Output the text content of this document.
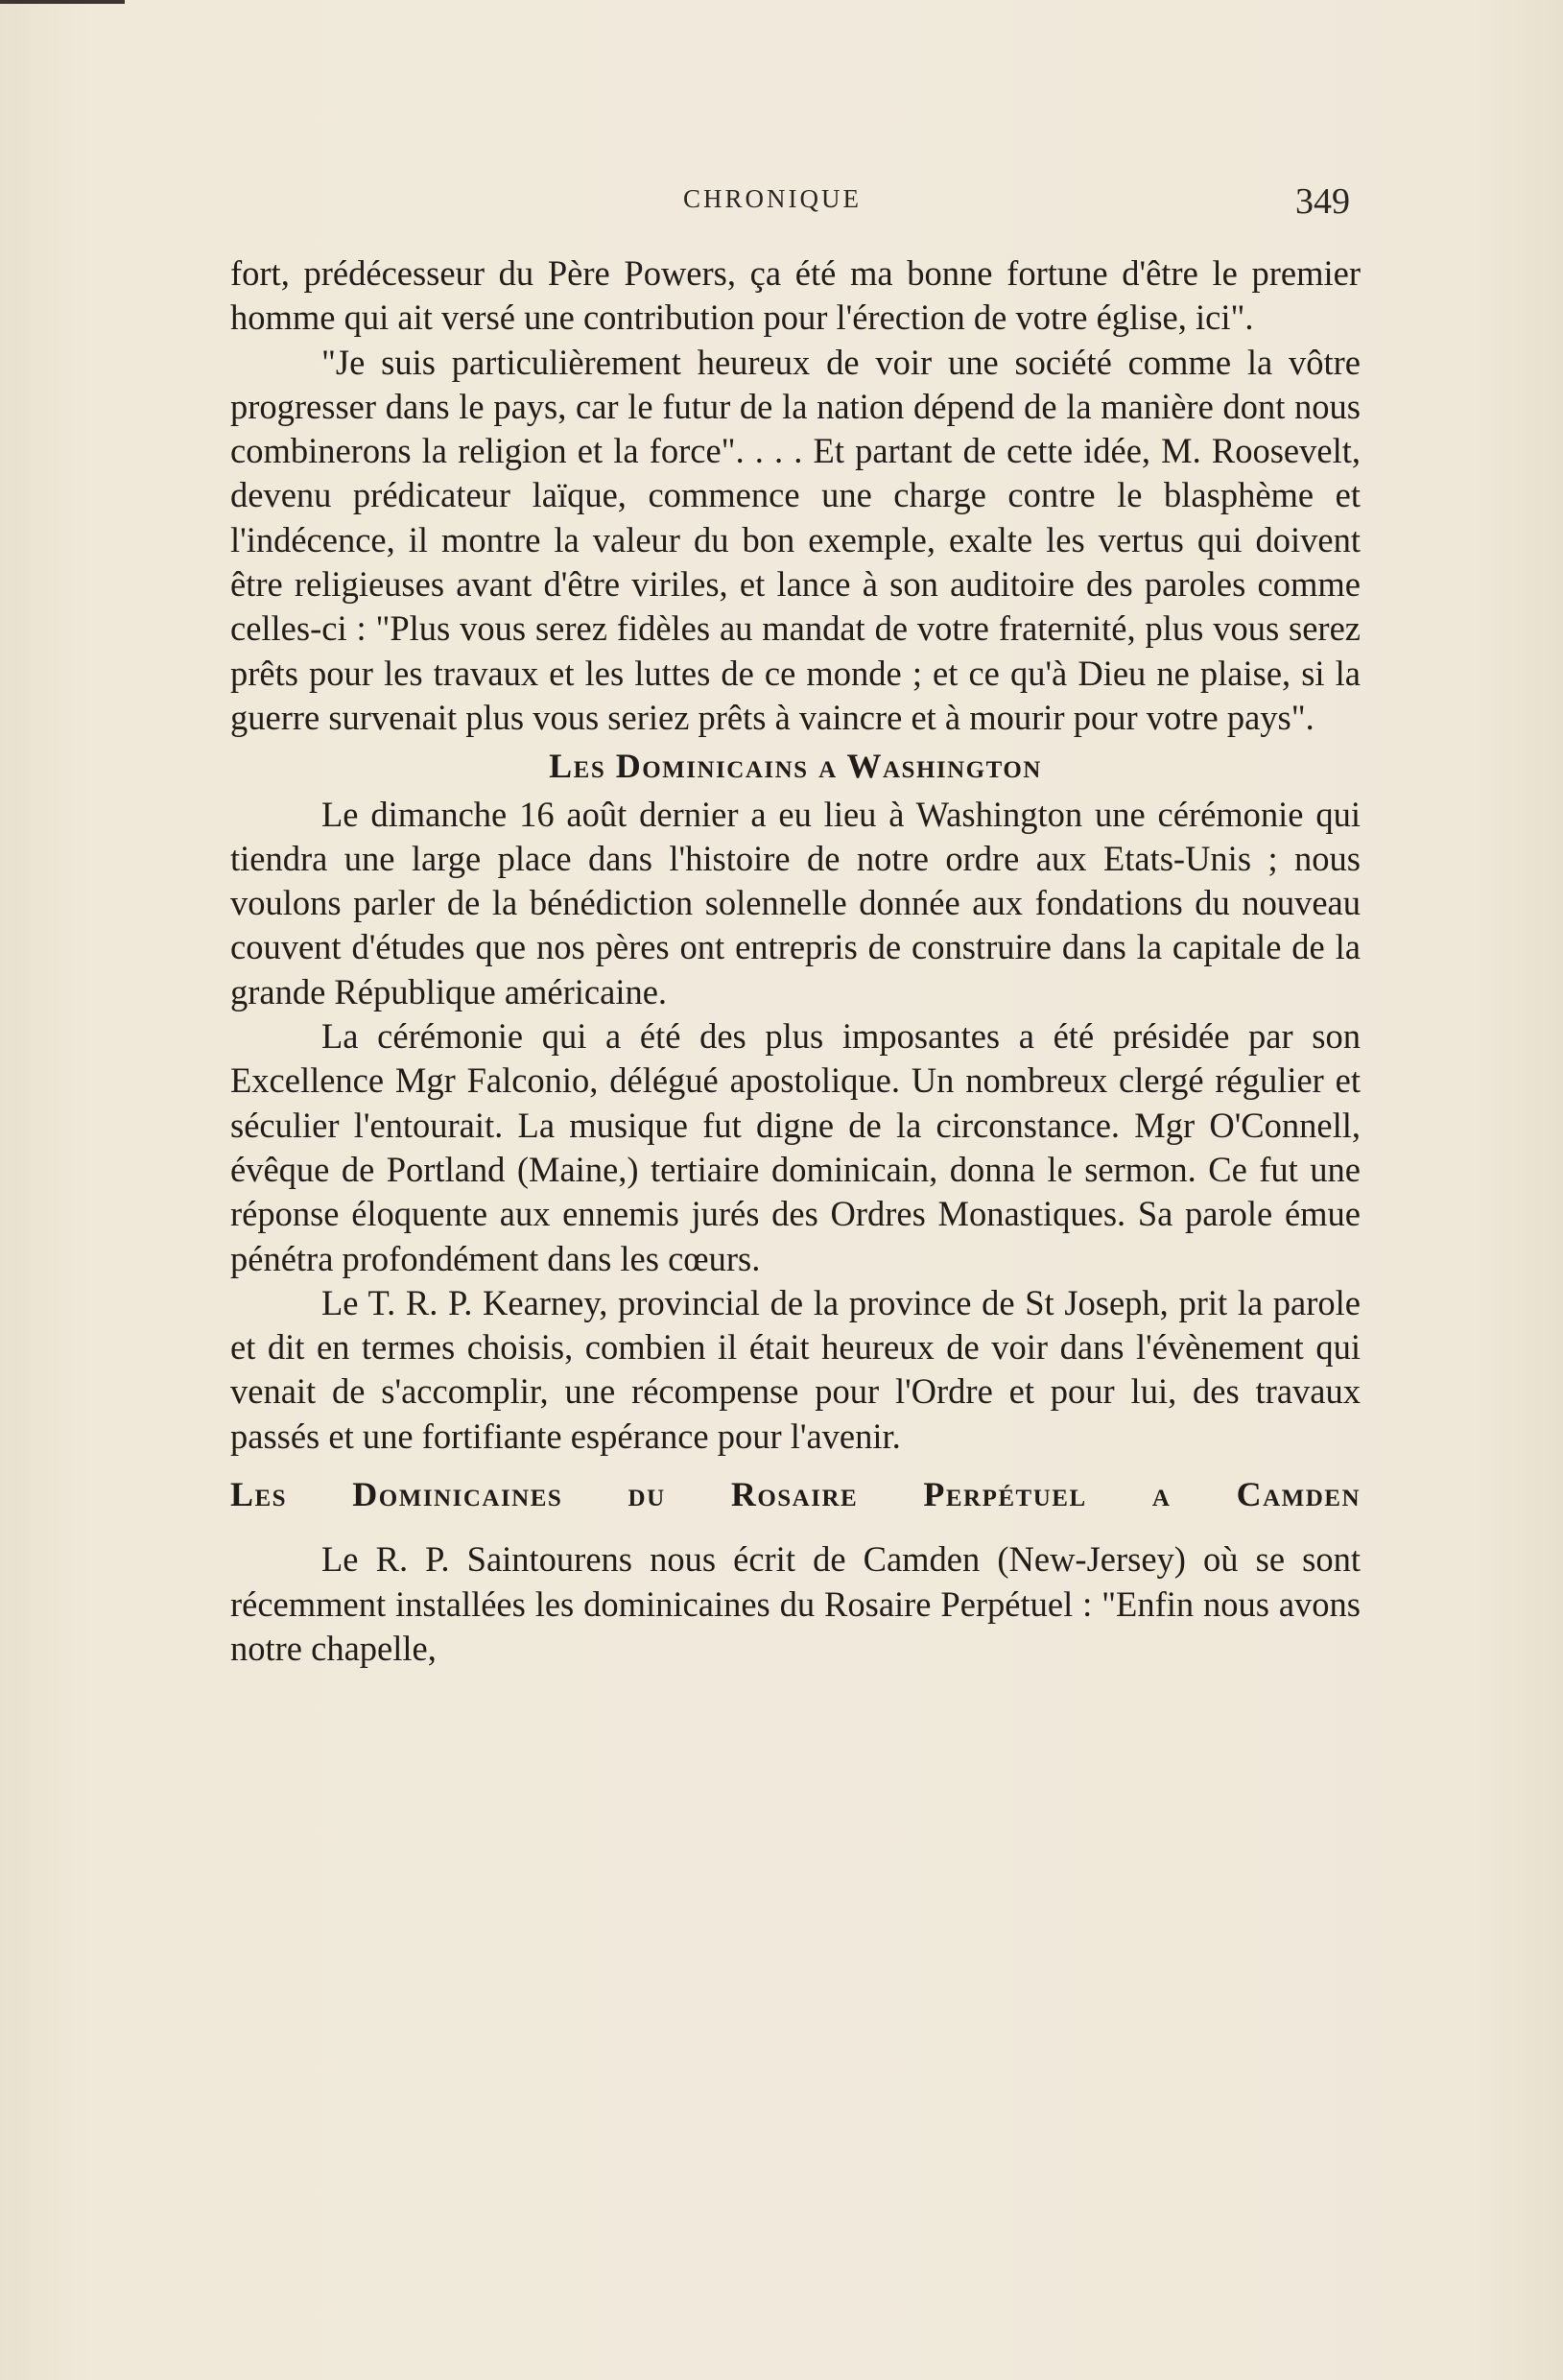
CHRONIQUE	349

fort, prédécesseur du Père Powers, ça été ma bonne fortune d'être le premier homme qui ait versé une contribution pour l'érection de votre église, ici".

"Je suis particulièrement heureux de voir une société comme la vôtre progresser dans le pays, car le futur de la nation dépend de la manière dont nous combinerons la religion et la force". . . . Et partant de cette idée, M. Roosevelt, devenu prédicateur laïque, commence une charge contre le blasphème et l'indécence, il montre la valeur du bon exemple, exalte les vertus qui doivent être religieuses avant d'être viriles, et lance à son auditoire des paroles comme celles-ci : "Plus vous serez fidèles au mandat de votre fraternité, plus vous serez prêts pour les travaux et les luttes de ce monde ; et ce qu'à Dieu ne plaise, si la guerre survenait plus vous seriez prêts à vaincre et à mourir pour votre pays".

Les Dominicains a Washington

Le dimanche 16 août dernier a eu lieu à Washington une cérémonie qui tiendra une large place dans l'histoire de notre ordre aux Etats-Unis ; nous voulons parler de la bénédiction solennelle donnée aux fondations du nouveau couvent d'études que nos pères ont entrepris de construire dans la capitale de la grande République américaine.

La cérémonie qui a été des plus imposantes a été présidée par son Excellence Mgr Falconio, délégué apostolique. Un nombreux clergé régulier et séculier l'entourait. La musique fut digne de la circonstance. Mgr O'Connell, évêque de Portland (Maine,) tertiaire dominicain, donna le sermon. Ce fut une réponse éloquente aux ennemis jurés des Ordres Monastiques. Sa parole émue pénétra profondément dans les cœurs.

Le T. R. P. Kearney, provincial de la province de St Joseph, prit la parole et dit en termes choisis, combien il était heureux de voir dans l'évènement qui venait de s'accomplir, une récompense pour l'Ordre et pour lui, des travaux passés et une fortifiante espérance pour l'avenir.

Les Dominicaines du Rosaire Perpétuel a Camden

Le R. P. Saintourens nous écrit de Camden (New-Jersey) où se sont récemment installées les dominicaines du Rosaire Perpétuel : "Enfin nous avons notre chapelle,
